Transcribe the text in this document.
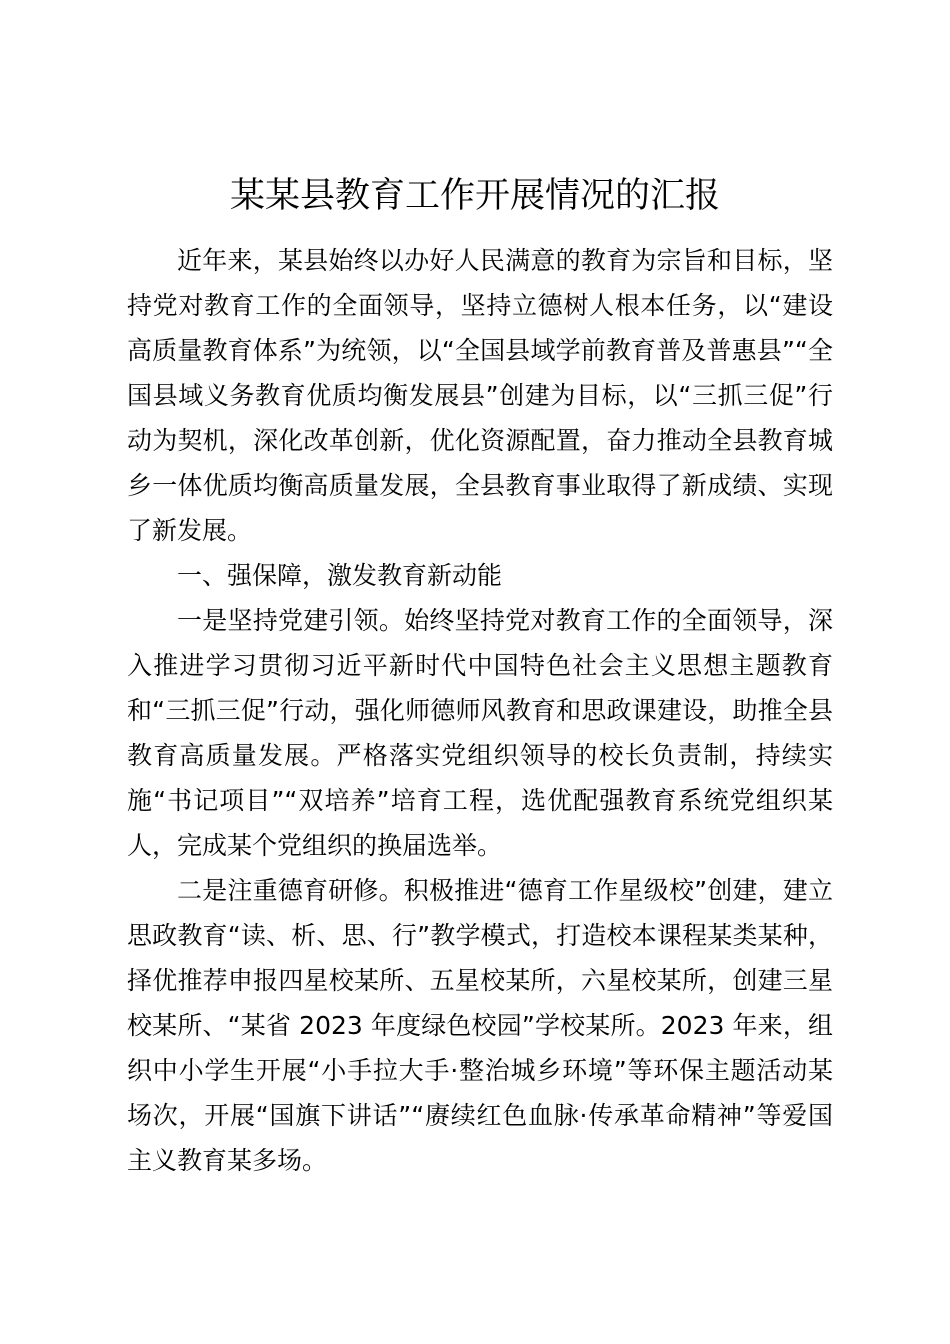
某某县教育工作开展情况的汇报

近年来，某县始终以办好人民满意的教育为宗旨和目标，坚持党对教育工作的全面领导，坚持立德树人根本任务，以“建设高质量教育体系”为统领，以“全国县域学前教育普及普惠县”“全国县域义务教育优质均衡发展县”创建为目标，以“三抓三促”行动为契机，深化改革创新，优化资源配置，奋力推动全县教育城乡一体优质均衡高质量发展，全县教育事业取得了新成绩、实现了新发展。

一、强保障，激发教育新动能

一是坚持党建引领。始终坚持党对教育工作的全面领导，深入推进学习贯彻习近平新时代中国特色社会主义思想主题教育和“三抓三促”行动，强化师德师风教育和思政课建设，助推全县教育高质量发展。严格落实党组织领导的校长负责制，持续实施“书记项目”“双培养”培育工程，选优配强教育系统党组织某人，完成某个党组织的换届选举。

二是注重德育研修。积极推进“德育工作星级校”创建，建立思政教育“读、析、思、行”教学模式，打造校本课程某类某种，择优推荐申报四星校某所、五星校某所，六星校某所，创建三星校某所、“某省 2023 年度绿色校园”学校某所。2023 年来，组织中小学生开展“小手拉大手·整治城乡环境”等环保主题活动某场次，开展“国旗下讲话”“赓续红色血脉·传承革命精神”等爱国主义教育某多场。
